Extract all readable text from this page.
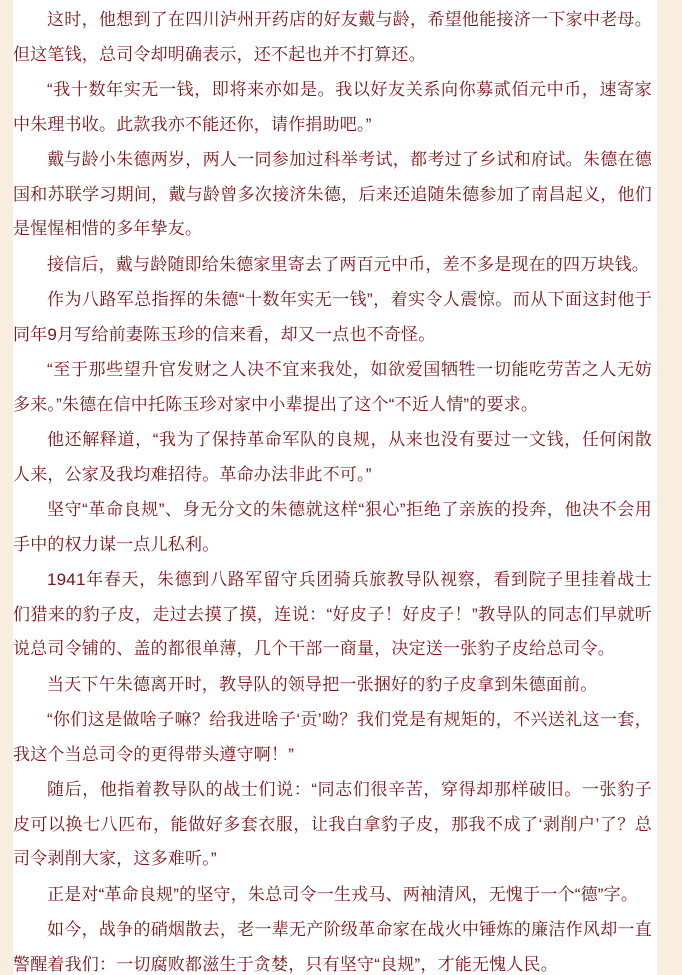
这时，他想到了在四川泸州开药店的好友戴与龄，希望他能接济一下家中老母。但这笔钱，总司令却明确表示，还不起也并不打算还。

“我十数年实无一钱，即将来亦如是。我以好友关系向你募贰佰元中币，速寄家中朱理书收。此款我亦不能还你，请作捐助吧。”

戴与龄小朱德两岁，两人一同参加过科举考试，都考过了乡试和府试。朱德在德国和苏联学习期间，戴与龄曾多次接济朱德，后来还追随朱德参加了南昌起义，他们是惺惺相惜的多年挚友。

接信后，戴与龄随即给朱德家里寄去了两百元中币，差不多是现在的四万块钱。

作为八路军总指挥的朱德“十数年实无一钱”，着实令人震惊。而从下面这封他于同年9月写给前妻陈玉珍的信来看，却又一点也不奇怪。

“至于那些望升官发财之人决不宜来我处，如欲爱国牺牲一切能吃劳苦之人无妨多来。”朱德在信中托陈玉珍对家中小辈提出了这个“不近人情”的要求。

他还解释道，“我为了保持革命军队的良规，从来也没有要过一文钱，任何闲散人来，公家及我均难招待。革命办法非此不可。”

坚守“革命良规”、身无分文的朱德就这样“狠心”拒绝了亲族的投奔，他决不会用手中的权力谋一点儿私利。

1941年春天，朱德到八路军留守兵团骑兵旅教导队视察，看到院子里挂着战士们猎来的豹子皮，走过去摸了摸，连说：“好皮子！好皮子！”教导队的同志们早就听说总司令铺的、盖的都很单薄，几个干部一商量，决定送一张豹子皮给总司令。

当天下午朱德离开时，教导队的领导把一张捆好的豹子皮拿到朱德面前。

“你们这是做啥子嘛？给我进啥子‘贡’呦？我们党是有规矩的，不兴送礼这一套，我这个当总司令的更得带头遵守啊！”

随后，他指着教导队的战士们说：“同志们很辛苦，穿得却那样破旧。一张豹子皮可以换七八匹布，能做好多套衣服，让我白拿豹子皮，那我不成了‘剥削户’了？总司令剥削大家，这多难听。”

正是对“革命良规”的坚守，朱总司令一生戎马、两袖清风，无愧于一个“德”字。

如今，战争的硝烟散去，老一辈无产阶级革命家在战火中锤炼的廉洁作风却一直警醒着我们：一切腐败都滋生于贪婪，只有坚守“良规”，才能无愧人民。
